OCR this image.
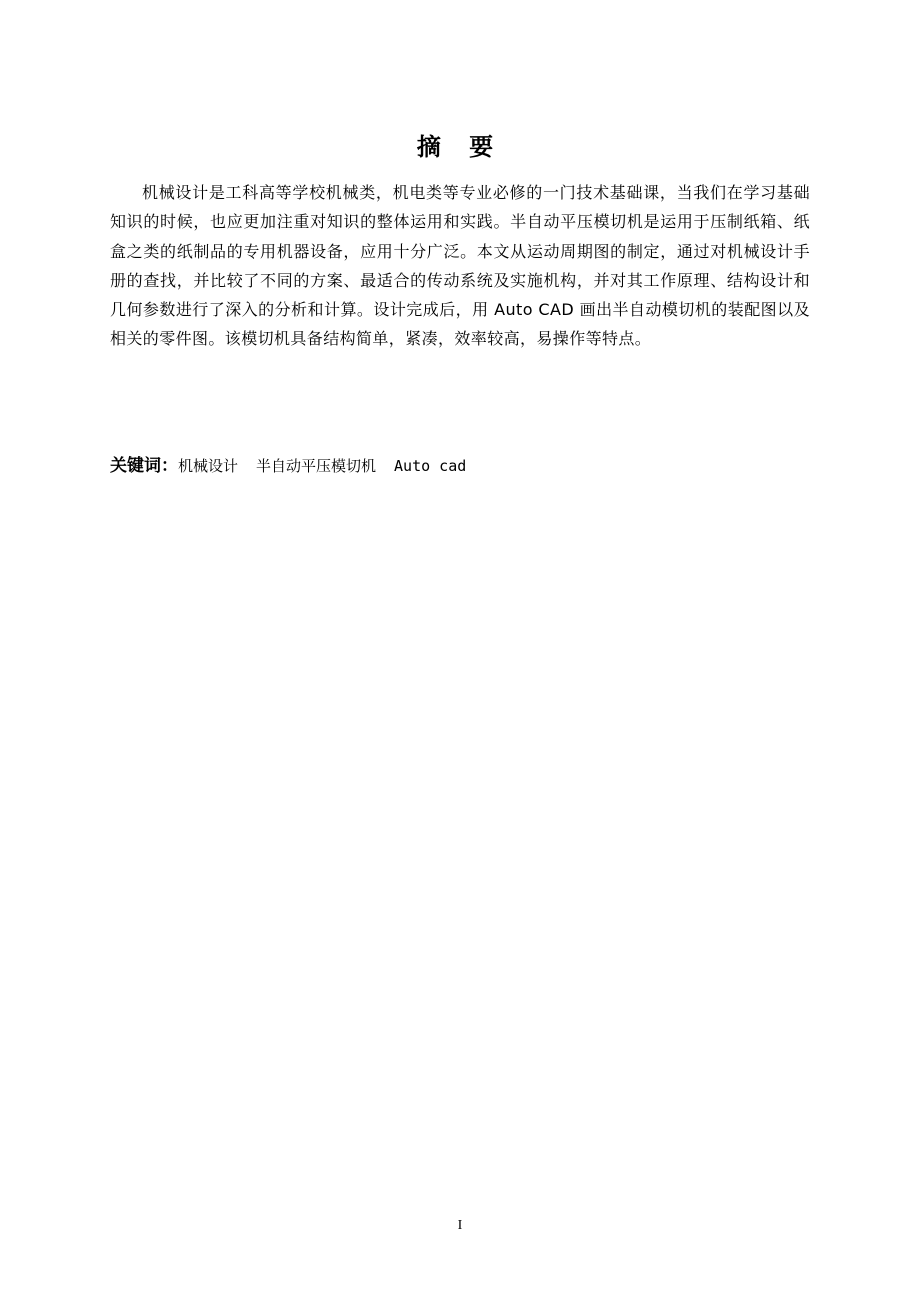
摘 要

机械设计是工科高等学校机械类，机电类等专业必修的一门技术基础课，当我们在学习基础知识的时候，也应更加注重对知识的整体运用和实践。半自动平压模切机是运用于压制纸箱、纸盒之类的纸制品的专用机器设备，应用十分广泛。本文从运动周期图的制定，通过对机械设计手册的查找，并比较了不同的方案、最适合的传动系统及实施机构，并对其工作原理、结构设计和几何参数进行了深入的分析和计算。设计完成后，用 Auto CAD 画出半自动模切机的装配图以及相关的零件图。该模切机具备结构简单，紧凑，效率较高，易操作等特点。

关键词：机械设计 半自动平压模切机 Auto cad
I
